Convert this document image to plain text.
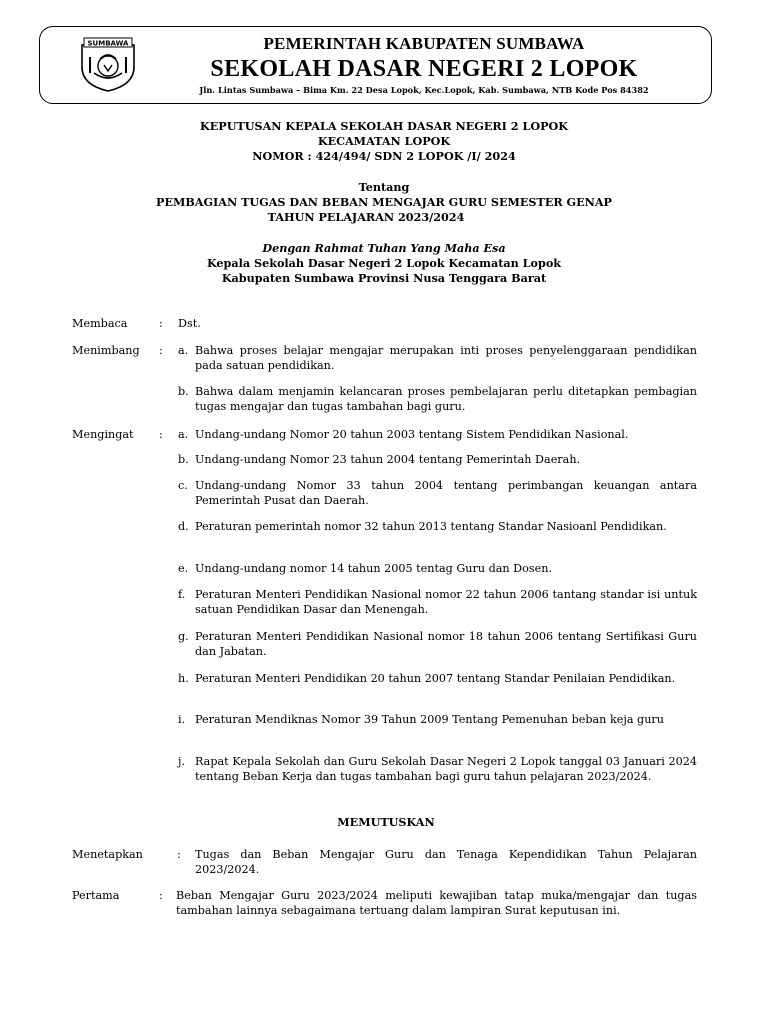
SUMBAWA	PEMERINTAH KABUPATEN SUMBAWA
SEKOLAH DASAR NEGERI 2 LOPOK
Jln. Lintas Sumbawa – Bima Km. 22 Desa Lopok, Kec.Lopok, Kab. Sumbawa, NTB Kode Pos 84382
KEPUTUSAN KEPALA SEKOLAH DASAR NEGERI 2 LOPOK
KECAMATAN LOPOK
NOMOR : 424/494/ SDN 2 LOPOK /I/ 2024
Tentang
PEMBAGIAN TUGAS DAN BEBAN MENGAJAR GURU SEMESTER GENAP
TAHUN PELAJARAN 2023/2024
Dengan Rahmat Tuhan Yang Maha Esa
Kepala Sekolah Dasar Negeri 2 Lopok Kecamatan Lopok
Kabupaten Sumbawa Provinsi Nusa Tenggara Barat
Membaca	: Dst.
Menimbang : a. Bahwa proses belajar mengajar merupakan inti proses penyelenggaraan pendidikan pada satuan pendidikan.
b. Bahwa dalam menjamin kelancaran proses pembelajaran perlu ditetapkan pembagian tugas mengajar dan tugas tambahan bagi guru.
Mengingat : a. Undang-undang Nomor 20 tahun 2003 tentang Sistem Pendidikan Nasional.
b. Undang-undang Nomor 23 tahun 2004 tentang Pemerintah Daerah.
c. Undang-undang Nomor 33 tahun 2004 tentang perimbangan keuangan antara Pemerintah Pusat dan Daerah.
d. Peraturan pemerintah nomor 32 tahun 2013 tentang Standar Nasioanl Pendidikan.
e. Undang-undang nomor 14 tahun 2005 tentag Guru dan Dosen.
f. Peraturan Menteri Pendidikan Nasional nomor 22 tahun 2006 tantang standar isi untuk satuan Pendidikan Dasar dan Menengah.
g. Peraturan Menteri Pendidikan Nasional nomor 18 tahun 2006 tentang Sertifikasi Guru dan Jabatan.
h. Peraturan Menteri Pendidikan 20 tahun 2007 tentang Standar Penilaian Pendidikan.
i. Peraturan Mendiknas Nomor 39 Tahun 2009 Tentang Pemenuhan beban keja guru
j. Rapat Kepala Sekolah dan Guru Sekolah Dasar Negeri 2 Lopok tanggal 03 Januari 2024 tentang Beban Kerja dan tugas tambahan bagi guru tahun pelajaran 2023/2024.
MEMUTUSKAN
Menetapkan	: Tugas dan Beban Mengajar Guru dan Tenaga Kependidikan Tahun Pelajaran 2023/2024.
Pertama	: Beban Mengajar Guru 2023/2024 meliputi kewajiban tatap muka/mengajar dan tugas tambahan lainnya sebagaimana tertuang dalam lampiran Surat keputusan ini.
